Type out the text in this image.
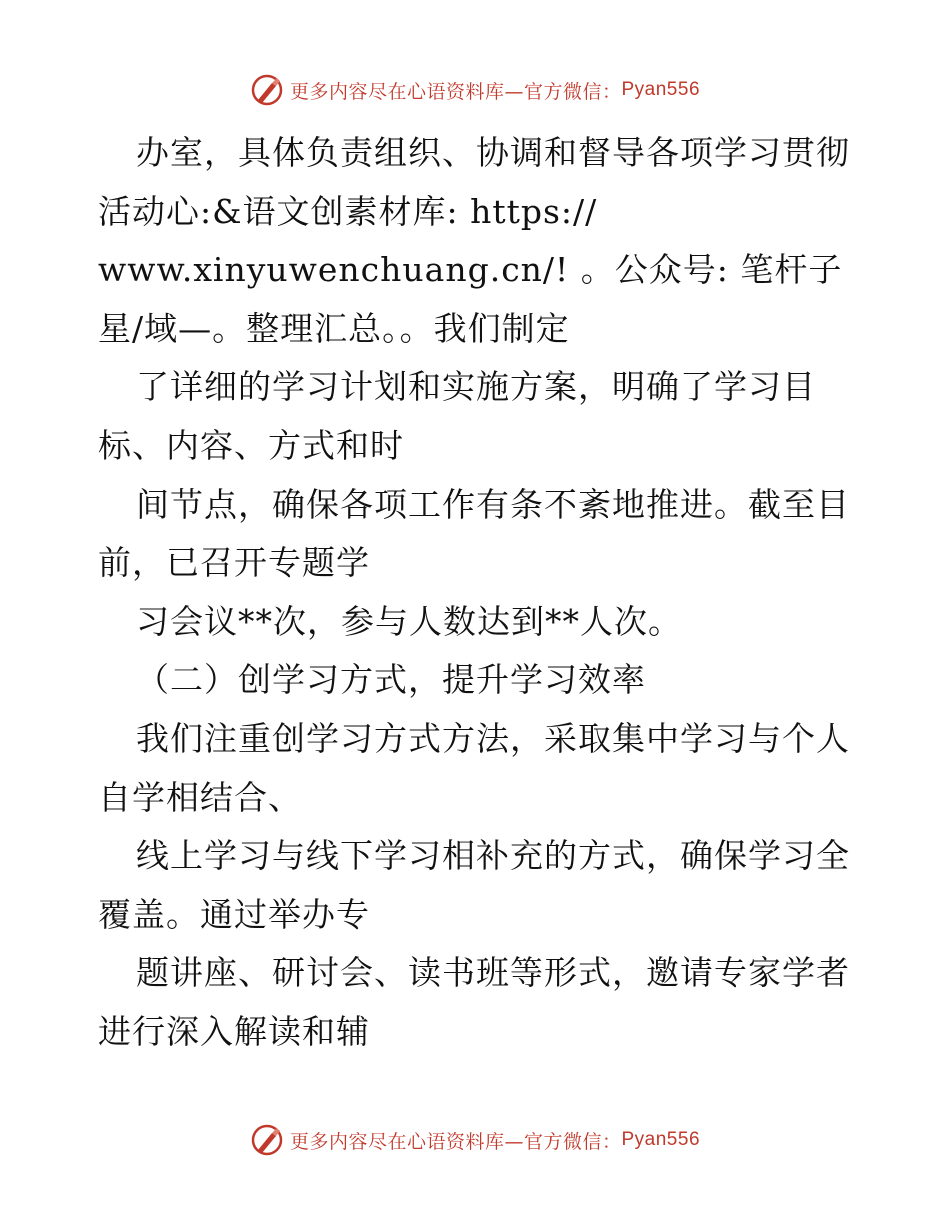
更多内容尽在心语资料库—官方微信： Pyan556
办室，具体负责组织、协调和督导各项学习贯彻
活动心:&语文创素材库: https://
www.xinyuwenchuang.cn/! 。公众号: 笔杆子
星/域—。整理汇总。。我们制定
了详细的学习计划和实施方案，明确了学习目
标、内容、方式和时
间节点，确保各项工作有条不紊地推进。截至目
前，已召开专题学
习会议**次，参与人数达到**人次。
（二）创学习方式，提升学习效率
我们注重创学习方式方法，采取集中学习与个人
自学相结合、
线上学习与线下学习相补充的方式，确保学习全
覆盖。通过举办专
题讲座、研讨会、读书班等形式，邀请专家学者
进行深入解读和辅
更多内容尽在心语资料库—官方微信： Pyan556
